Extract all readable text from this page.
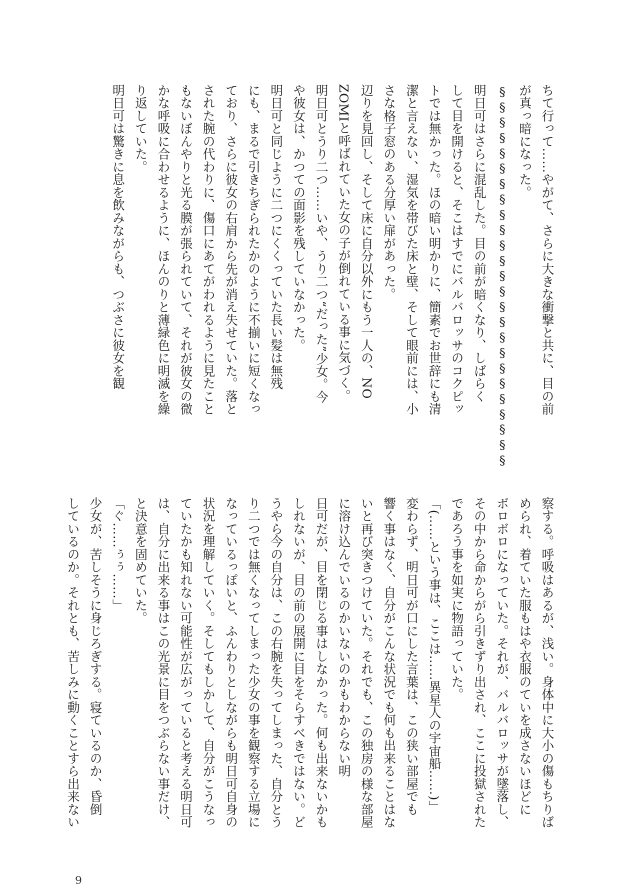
ちて行って……やがて、さらに大きな衝撃と共に、目の前

が真っ暗になった。

§§§§§§§§§§§§§§§§§§§§§§§§§

明日可はさらに混乱した。目の前が暗くなり、しばらく

して目を開けると、そこはすでにバルバロッサのコクピッ

トでは無かった。ほの暗い明かりに、簡素でお世辞にも清

潔と言えない、湿気を帯びた床と壁、そして眼前には、小

さな格子窓のある分厚い扉があった。

辺りを見回し、そして床に自分以外にもう一人の、NO

ZOMIと呼ばれていた女の子が倒れている事に気づく。

明日可とうり二つ……いや、うり二つ“だった”少女。今

や彼女は、かつての面影を残していなかった。

明日可と同じように二つにくくっていた長い髪は無残

にも、まるで引きちぎられたかのように不揃いに短くなっ

ており、さらに彼女の右肩から先が消え失せていた。落と

された腕の代わりに、傷口にあてがわれるように見たこと

もないぼんやりと光る膜が張られていて、それが彼女の微

かな呼吸に合わせるように、ほんのりと薄緑色に明滅を繰

り返していた。

明日可は驚きに息を飲みながらも、つぶさに彼女を観

察する。呼吸はあるが、浅い。身体中に大小の傷もちりば

められ、着ていた服もはや衣服のていを成さないほどに

ボロボロになっていた。それが、バルバロッサが墜落し、

その中から命からがら引きずり出され、ここに投獄された

であろう事を如実に物語っていた。

「(……という事は、ここは……異星人の宇宙船……)」

変わらず、明日可が口にした言葉は、この狭い部屋でも

響く事はなく、自分がこんな状況でも何も出来ることはな

いと再び突きつけていた。それでも、この独房の様な部屋

に溶け込んでいるのかいないのかもわからない明

日可だが、目を閉じる事はしなかった。何も出来ないかも

しれないが、目の前の展開に目をそらすべきではない。ど

うやら今の自分は、この右腕を失ってしまった、自分とう

り二つでは無くなってしまった少女の事を観察する立場に

なっているっぽいと、ふんわりとしながらも明日可自身の

状況を理解していく。そしてもしかして、自分がこうなっ

ていたかも知れない可能性が広がっていると考える明日可

は、自分に出来る事はこの光景に目をつぶらない事だけ、

と決意を固めていた。

「ぐ……ぅぅ……」

少女が、苦しそうに身じろぎする。寝ているのか、昏倒

しているのか。それとも、苦しみに動くことすら出来ない

9
